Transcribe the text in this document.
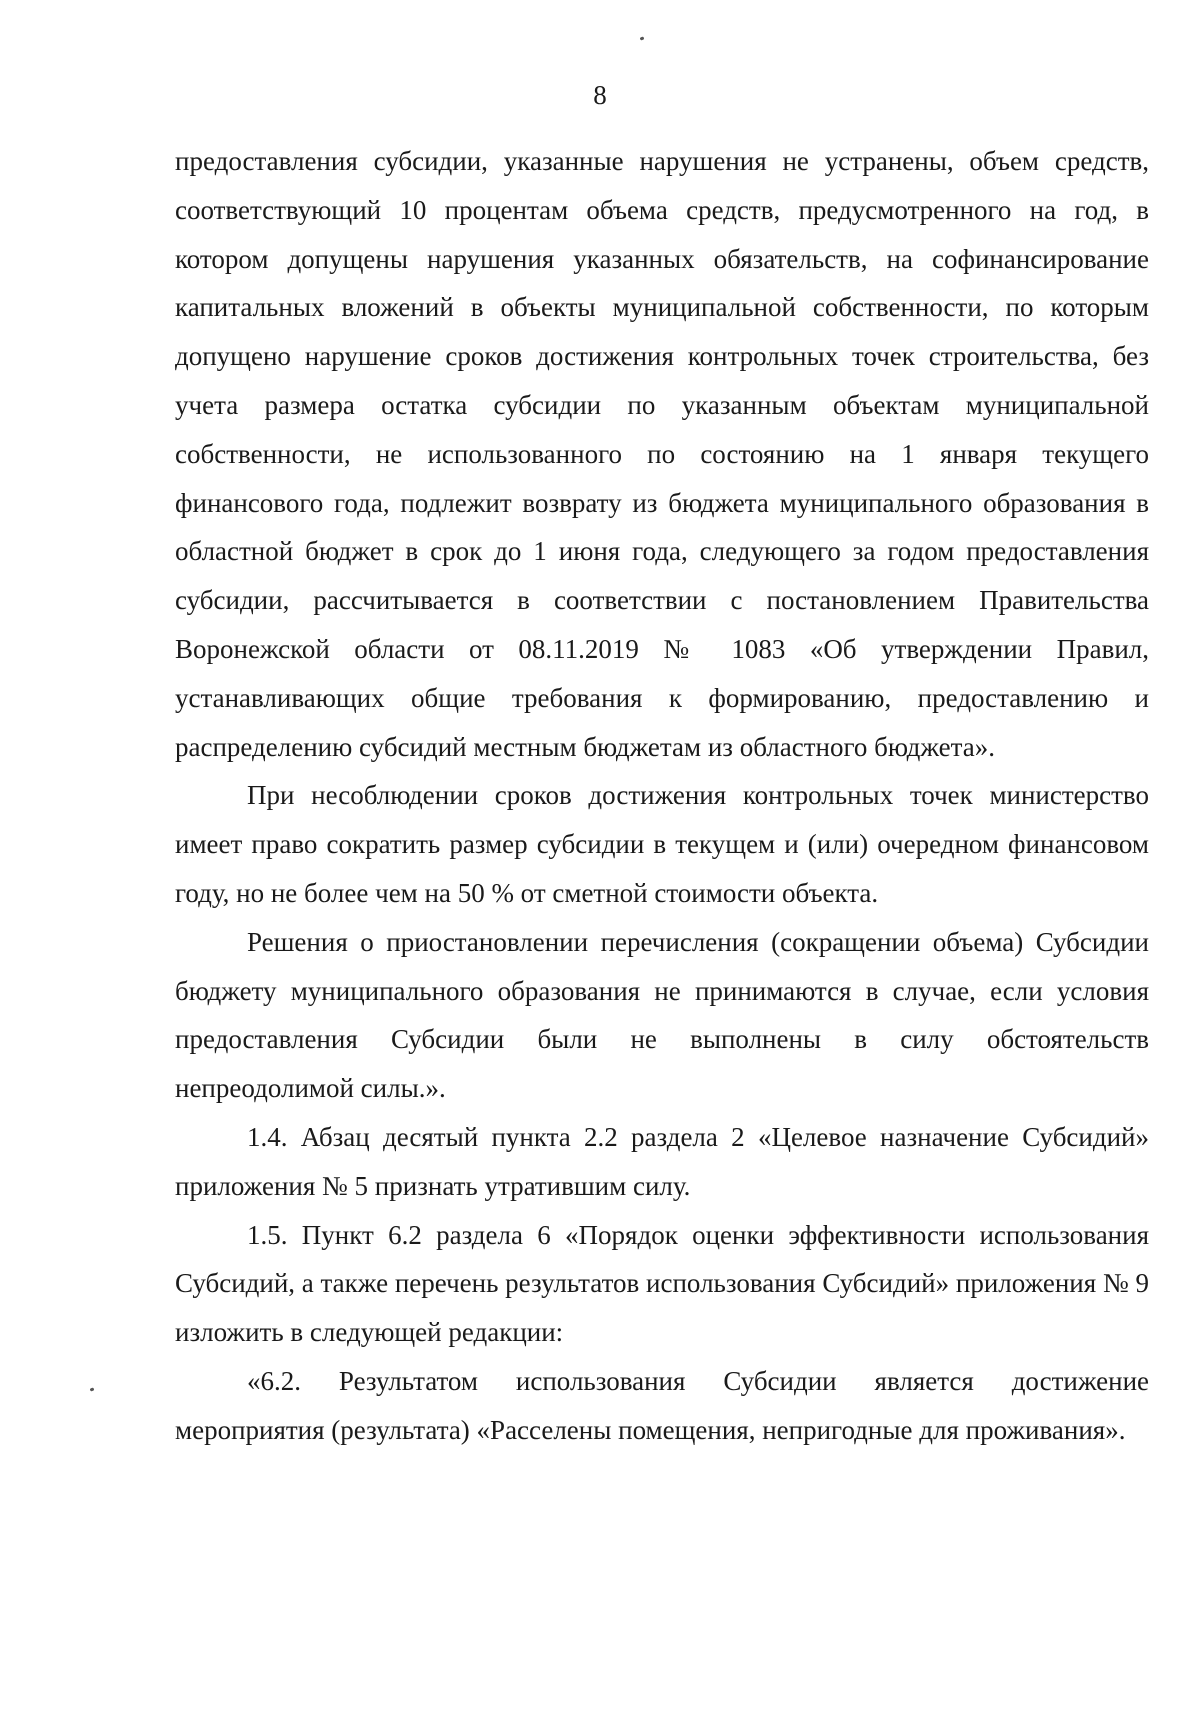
8

предоставления субсидии, указанные нарушения не устранены, объем средств, соответствующий 10 процентам объема средств, предусмотренного на год, в котором допущены нарушения указанных обязательств, на софинансирование капитальных вложений в объекты муниципальной собственности, по которым допущено нарушение сроков достижения контрольных точек строительства, без учета размера остатка субсидии по указанным объектам муниципальной собственности, не использованного по состоянию на 1 января текущего финансового года, подлежит возврату из бюджета муниципального образования в областной бюджет в срок до 1 июня года, следующего за годом предоставления субсидии, рассчитывается в соответствии с постановлением Правительства Воронежской области от 08.11.2019 № 1083 «Об утверждении Правил, устанавливающих общие требования к формированию, предоставлению и распределению субсидий местным бюджетам из областного бюджета».

При несоблюдении сроков достижения контрольных точек министерство имеет право сократить размер субсидии в текущем и (или) очередном финансовом году, но не более чем на 50 % от сметной стоимости объекта.

Решения о приостановлении перечисления (сокращении объема) Субсидии бюджету муниципального образования не принимаются в случае, если условия предоставления Субсидии были не выполнены в силу обстоятельств непреодолимой силы.».

1.4. Абзац десятый пункта 2.2 раздела 2 «Целевое назначение Субсидий» приложения № 5 признать утратившим силу.

1.5. Пункт 6.2 раздела 6 «Порядок оценки эффективности использования Субсидий, а также перечень результатов использования Субсидий» приложения № 9 изложить в следующей редакции:

«6.2. Результатом использования Субсидии является достижение мероприятия (результата) «Расселены помещения, непригодные для проживания».
